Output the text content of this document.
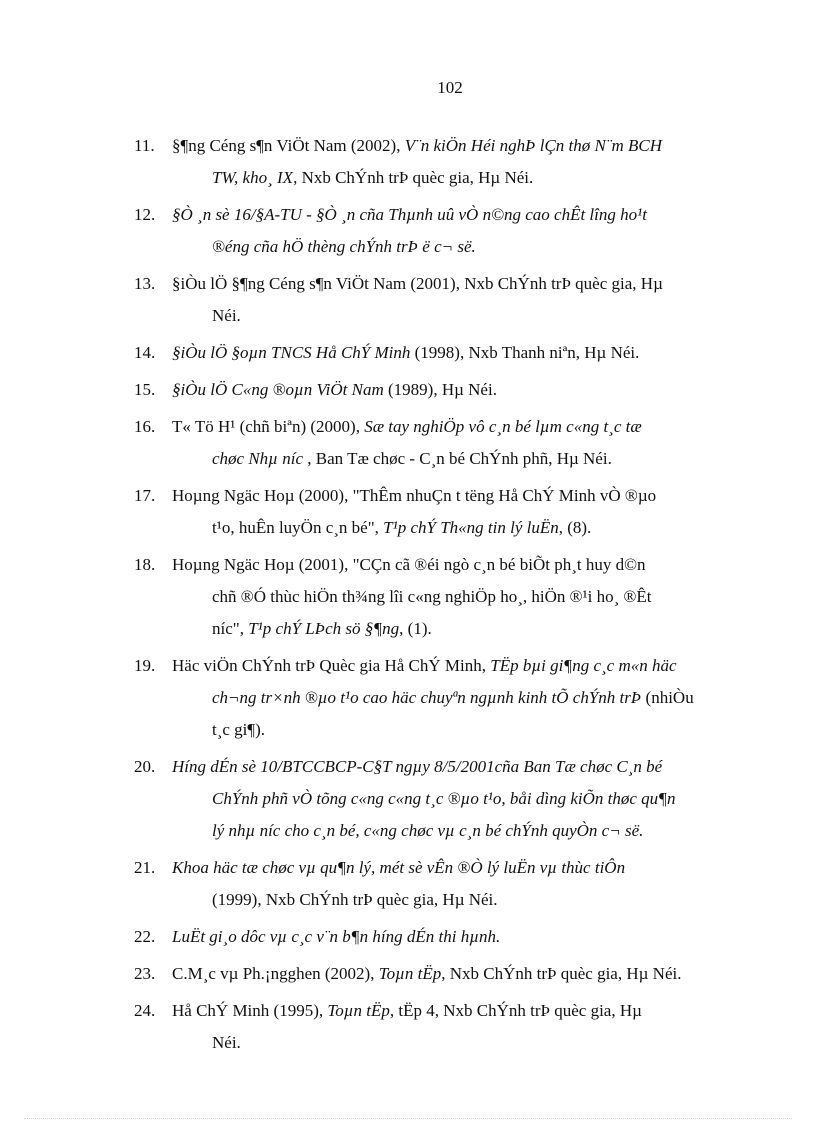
102
11.	§¶ng Céng s¶n ViÖt Nam (2002), V¨n kiÖn Héi nghÞ lÇn thø N¨m BCH
TW, kho¸ IX, Nxb ChÝnh trÞ quèc gia, Hµ Néi.
12. §Ò ¸n sè 16/§A-TU - §Ò ¸n cña Thµnh uû vÒ n©ng cao chÊt lîng ho¹t
®éng cña hÖ thèng chÝnh trÞ ë c¬ së.
13. §iÒu lÖ §¶ng Céng s¶n ViÖt Nam (2001), Nxb ChÝnh trÞ quèc gia, Hµ
Néi.
14. §iÒu lÖ §oµn TNCS Hå ChÝ Minh (1998), Nxb Thanh niªn, Hµ Néi.
15. §iÒu lÖ C«ng ®oµn ViÖt Nam (1989), Hµ Néi.
16. T« Tö H¹ (chñ biªn) (2000), Sæ tay nghiÖp vô c¸n bé lµm c«ng t¸c tæ
chøc Nhµ níc , Ban Tæ chøc - C¸n bé ChÝnh phñ, Hµ Néi.
17. Hoµng Ngäc Hoµ (2000), "ThÊm nhuÇn t tëng Hå ChÝ Minh vÒ ®µo
t¹o, huÊn luyÖn c¸n bé", T¹p chÝ Th«ng tin lý luËn, (8).
18. Hoµng Ngäc Hoµ (2001), "CÇn cã ®éi ngò c¸n bé biÕt ph¸t huy d©n
chñ ®Ó thùc hiÖn th¾ng lîi c«ng nghiÖp ho¸, hiÖn ®¹i ho¸ ®Êt
níc", T¹p chÝ LÞch sö §¶ng, (1).
19. Häc viÖn ChÝnh trÞ Quèc gia Hå ChÝ Minh, TËp bµi gi¶ng c¸c m«n häc
ch¬ng tr×nh ®µo t¹o cao häc chuyªn ngµnh kinh tÕ chÝnh trÞ (nhiÒu
t¸c gi¶).
20. Híng dÉn sè 10/BTCCBCP-C§T ngµy 8/5/2001cña Ban Tæ chøc C¸n bé
ChÝnh phñ vÒ tõng c«ng c«ng t¸c ®µo t¹o, båi dìng kiÕn thøc qu¶n
lý nhµ níc cho c¸n bé, c«ng chøc vµ c¸n bé chÝnh quyÒn c¬ së.
21. Khoa häc tæ chøc vµ qu¶n lý, mét sè vÊn ®Ò lý luËn vµ thùc tiÔn
(1999), Nxb ChÝnh trÞ quèc gia, Hµ Néi.
22. LuËt gi¸o dôc vµ c¸c v¨n b¶n híng dÉn thi hµnh.
23. C.M¸c vµ Ph.¡ngghen (2002), Toµn tËp, Nxb ChÝnh trÞ quèc gia, Hµ Néi.
24. Hå ChÝ Minh (1995), Toµn tËp, tËp 4, Nxb ChÝnh trÞ quèc gia, Hµ
Néi.
